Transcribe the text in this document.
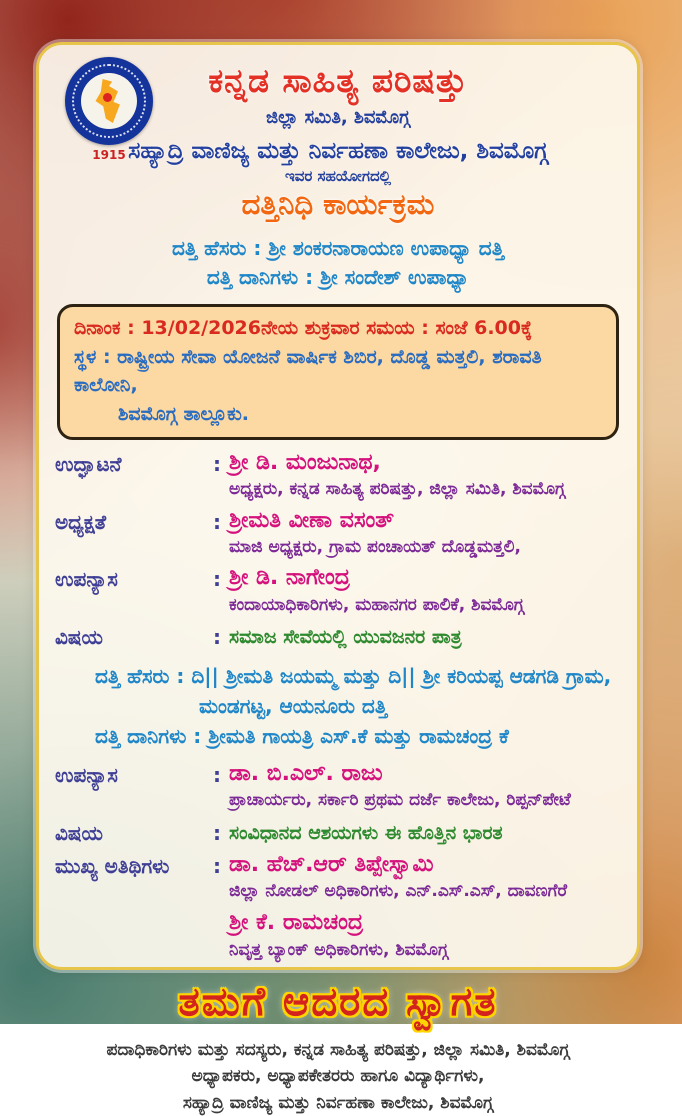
1915
ಕನ್ನಡ ಸಾಹಿತ್ಯ ಪರಿಷತ್ತು
ಜಿಲ್ಲಾ ಸಮಿತಿ, ಶಿವಮೊಗ್ಗ
ಸಹ್ಯಾದ್ರಿ ವಾಣಿಜ್ಯ ಮತ್ತು ನಿರ್ವಹಣಾ ಕಾಲೇಜು, ಶಿವಮೊಗ್ಗ
ಇವರ ಸಹಯೋಗದಲ್ಲಿ
ದತ್ತಿನಿಧಿ ಕಾರ್ಯಕ್ರಮ
ದತ್ತಿ ಹೆಸರು : ಶ್ರೀ ಶಂಕರನಾರಾಯಣ ಉಪಾಧ್ಯಾ ದತ್ತಿ
ದತ್ತಿ ದಾನಿಗಳು : ಶ್ರೀ ಸಂದೇಶ್ ಉಪಾಧ್ಯಾ
ದಿನಾಂಕ : 13/02/2026ನೇಯ ಶುಕ್ರವಾರ ಸಮಯ : ಸಂಜೆ 6.00ಕ್ಕೆ
ಸ್ಥಳ : ರಾಷ್ಟ್ರೀಯ ಸೇವಾ ಯೋಜನೆ ವಾರ್ಷಿಕ ಶಿಬಿರ, ದೊಡ್ಡ ಮತ್ತಲಿ, ಶರಾವತಿ ಕಾಲೋನಿ,
ಶಿವಮೊಗ್ಗ ತಾಲ್ಲೂಕು.
ಉದ್ಘಾಟನೆ	: ಶ್ರೀ ಡಿ. ಮಂಜುನಾಥ,
ಅಧ್ಯಕ್ಷರು, ಕನ್ನಡ ಸಾಹಿತ್ಯ ಪರಿಷತ್ತು, ಜಿಲ್ಲಾ ಸಮಿತಿ, ಶಿವಮೊಗ್ಗ
ಅಧ್ಯಕ್ಷತೆ	: ಶ್ರೀಮತಿ ವೀಣಾ ವಸಂತ್
ಮಾಜಿ ಅಧ್ಯಕ್ಷರು, ಗ್ರಾಮ ಪಂಚಾಯತ್ ದೊಡ್ಡಮತ್ತಲಿ,
ಉಪನ್ಯಾಸ	: ಶ್ರೀ ಡಿ. ನಾಗೇಂದ್ರ
ಕಂದಾಯಾಧಿಕಾರಿಗಳು, ಮಹಾನಗರ ಪಾಲಿಕೆ, ಶಿವಮೊಗ್ಗ
ವಿಷಯ	: ಸಮಾಜ ಸೇವೆಯಲ್ಲಿ ಯುವಜನರ ಪಾತ್ರ
ದತ್ತಿ ಹೆಸರು : ದಿ|| ಶ್ರೀಮತಿ ಜಯಮ್ಮ ಮತ್ತು ದಿ|| ಶ್ರೀ ಕರಿಯಪ್ಪ ಆಡಗಡಿ ಗ್ರಾಮ,
ಮಂಡಗಟ್ಟ, ಆಯನೂರು ದತ್ತಿ
ದತ್ತಿ ದಾನಿಗಳು : ಶ್ರೀಮತಿ ಗಾಯತ್ರಿ ಎಸ್.ಕೆ ಮತ್ತು ರಾಮಚಂದ್ರ ಕೆ
ಉಪನ್ಯಾಸ	: ಡಾ. ಬಿ.ಎಲ್. ರಾಜು
ಪ್ರಾಚಾರ್ಯರು, ಸರ್ಕಾರಿ ಪ್ರಥಮ ದರ್ಜೆ ಕಾಲೇಜು, ರಿಪ್ಪನ್‌ಪೇಟೆ
ವಿಷಯ	: ಸಂವಿಧಾನದ ಆಶಯಗಳು ಈ ಹೊತ್ತಿನ ಭಾರತ
ಮುಖ್ಯ ಅತಿಥಿಗಳು	: ಡಾ. ಹೆಚ್.ಆರ್ ತಿಪ್ಪೇಸ್ವಾಮಿ
ಜಿಲ್ಲಾ ನೋಡಲ್ ಅಧಿಕಾರಿಗಳು, ಎನ್.ಎಸ್.ಎಸ್, ದಾವಣಗೆರೆ
ಶ್ರೀ ಕೆ. ರಾಮಚಂದ್ರ
ನಿವೃತ್ತ ಬ್ಯಾಂಕ್ ಅಧಿಕಾರಿಗಳು, ಶಿವಮೊಗ್ಗ
ತಮಗೆ ಆದರದ ಸ್ವಾಗತ
ಪದಾಧಿಕಾರಿಗಳು ಮತ್ತು ಸದಸ್ಯರು, ಕನ್ನಡ ಸಾಹಿತ್ಯ ಪರಿಷತ್ತು, ಜಿಲ್ಲಾ ಸಮಿತಿ, ಶಿವಮೊಗ್ಗ
ಅಧ್ಯಾಪಕರು, ಅಧ್ಯಾಪಕೇತರರು ಹಾಗೂ ವಿದ್ಯಾರ್ಥಿಗಳು,
ಸಹ್ಯಾದ್ರಿ ವಾಣಿಜ್ಯ ಮತ್ತು ನಿರ್ವಹಣಾ ಕಾಲೇಜು, ಶಿವಮೊಗ್ಗ
